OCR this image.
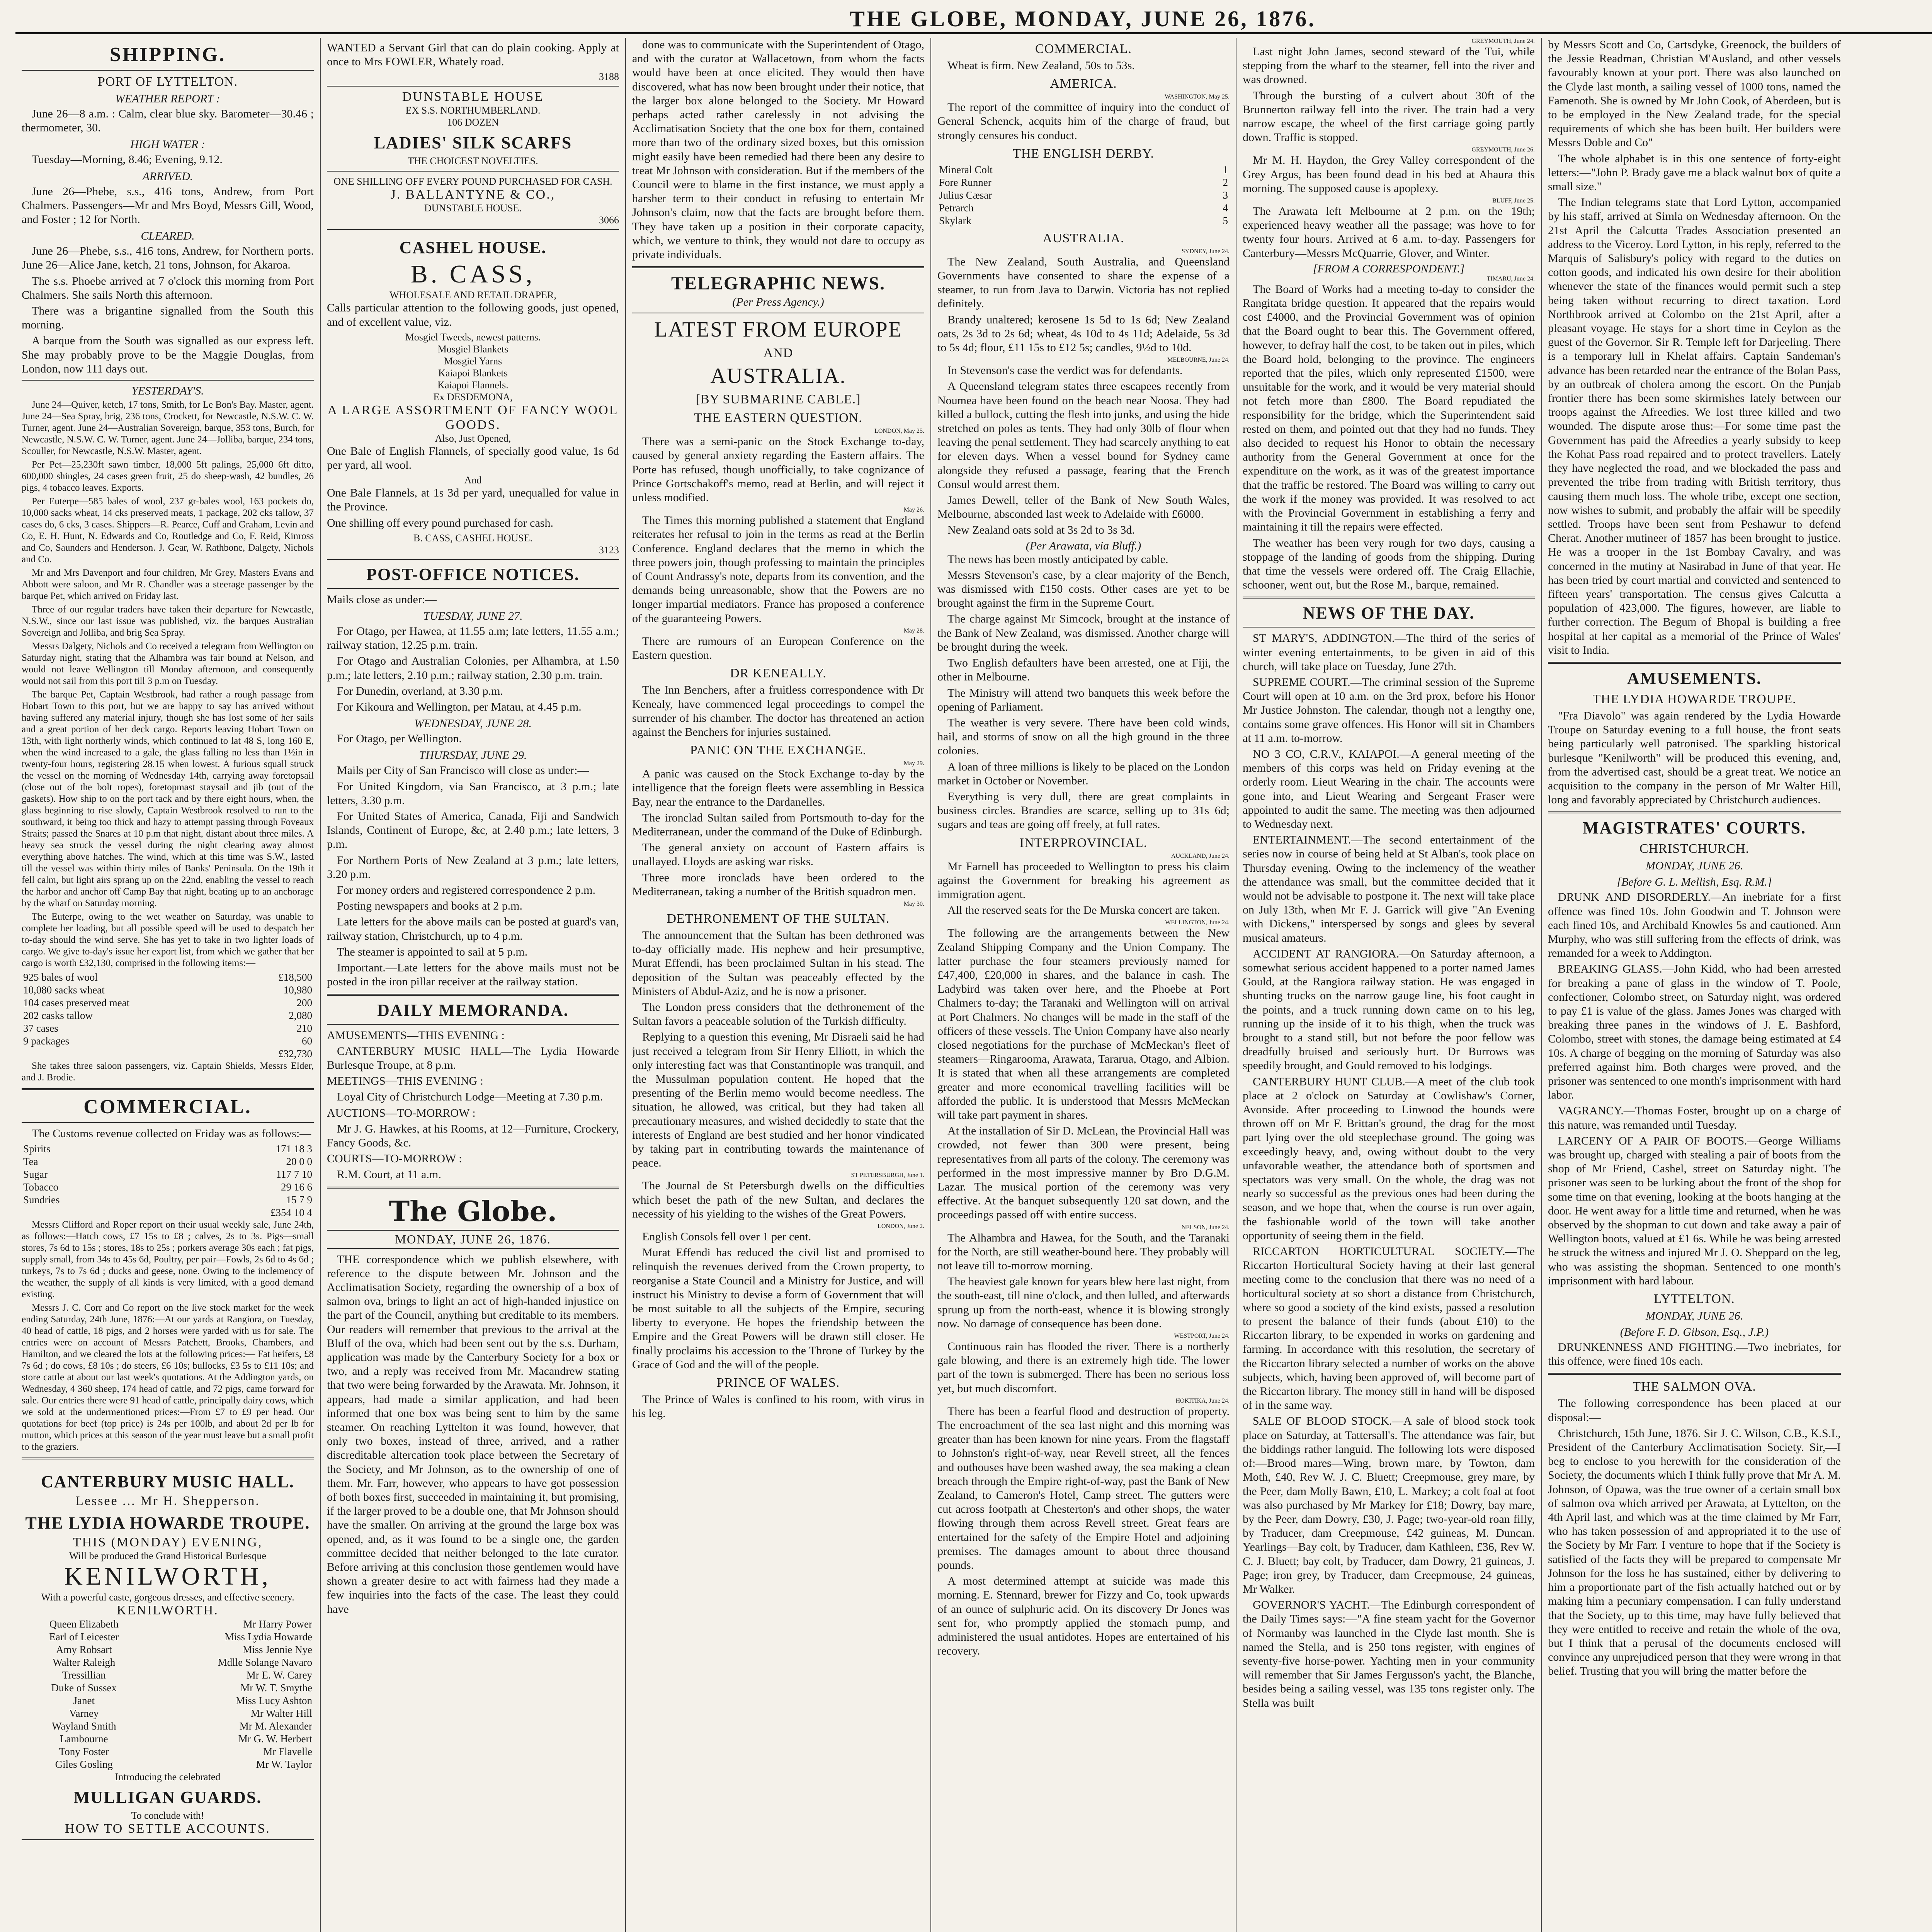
THE GLOBE, MONDAY, JUNE 26, 1876.
SHIPPING.
PORT OF LYTTELTON.
WEATHER REPORT :

June 26—8 a.m. : Calm, clear blue sky. Barometer—30.46 ; thermometer, 30.

HIGH WATER :

Tuesday—Morning, 8.46; Evening, 9.12.

ARRIVED.

June 26—Phebe, s.s., 416 tons, Andrew, from Port Chalmers. Passengers—Mr and Mrs Boyd, Messrs Gill, Wood, and Foster ; 12 for North.

CLEARED.

June 26—Phebe, s.s., 416 tons, Andrew, for Northern ports. June 26—Alice Jane, ketch, 21 tons, Johnson, for Akaroa.

The s.s. Phoebe arrived at 7 o'clock this morning from Port Chalmers. She sails North this afternoon.

There was a brigantine signalled from the South this morning.

A barque from the South was signalled as our express left. She may probably prove to be the Maggie Douglas, from London, now 111 days out.

YESTERDAY'S.

June 24—Quiver, ketch, 17 tons, Smith, for Le Bon's Bay. Master, agent. June 24—Sea Spray, brig, 236 tons, Crockett, for Newcastle, N.S.W. C. W. Turner, agent. June 24—Australian Sovereign, barque, 353 tons, Burch, for Newcastle, N.S.W. C. W. Turner, agent. June 24—Jolliba, barque, 234 tons, Scouller, for Newcastle, N.S.W. Master, agent.

Per Pet—25,230ft sawn timber, 18,000 5ft palings, 25,000 6ft ditto, 600,000 shingles, 24 cases green fruit, 25 do sheep-wash, 42 bundles, 26 pigs, 4 tobacco leaves. Exports.

Per Euterpe—585 bales of wool, 237 gr-bales wool, 163 pockets do, 10,000 sacks wheat, 14 cks preserved meats, 1 package, 202 cks tallow, 37 cases do, 6 cks, 3 cases. Shippers—R. Pearce, Cuff and Graham, Levin and Co, E. H. Hunt, N. Edwards and Co, Routledge and Co, F. Reid, Kinross and Co, Saunders and Henderson. J. Gear, W. Rathbone, Dalgety, Nichols and Co.

Mr and Mrs Davenport and four children, Mr Grey, Masters Evans and Abbott were saloon, and Mr R. Chandler was a steerage passenger by the barque Pet, which arrived on Friday last.

Three of our regular traders have taken their departure for Newcastle, N.S.W., since our last issue was published, viz. the barques Australian Sovereign and Jolliba, and brig Sea Spray.

Messrs Dalgety, Nichols and Co received a telegram from Wellington on Saturday night, stating that the Alhambra was fair bound at Nelson, and would not leave Wellington till Monday afternoon, and consequently would not sail from this port till 3 p.m on Tuesday.

The barque Pet, Captain Westbrook, had rather a rough passage from Hobart Town to this port, but we are happy to say has arrived without having suffered any material injury, though she has lost some of her sails and a great portion of her deck cargo. Reports leaving Hobart Town on 13th, with light northerly winds, which continued to lat 48 S, long 160 E, when the wind increased to a gale, the glass falling no less than 1½in in twenty-four hours, registering 28.15 when lowest. A furious squall struck the vessel on the morning of Wednesday 14th, carrying away foretopsail (close out of the bolt ropes), foretopmast staysail and jib (out of the gaskets). How ship to on the port tack and by there eight hours, when, the glass beginning to rise slowly, Captain Westbrook resolved to run to the southward, it being too thick and hazy to attempt passing through Foveaux Straits; passed the Snares at 10 p.m that night, distant about three miles. A heavy sea struck the vessel during the night clearing away almost everything above hatches. The wind, which at this time was S.W., lasted till the vessel was within thirty miles of Banks' Peninsula. On the 19th it fell calm, but light airs sprang up on the 22nd, enabling the vessel to reach the harbor and anchor off Camp Bay that night, beating up to an anchorage by the wharf on Saturday morning.

The Euterpe, owing to the wet weather on Saturday, was unable to complete her loading, but all possible speed will be used to despatch her to-day should the wind serve. She has yet to take in two lighter loads of cargo. We give to-day's issue her export list, from which we gather that her cargo is worth £32,130, comprised in the following items:—

925 bales of wool	£18,500
10,080 sacks wheat	10,980
104 cases preserved meat	200
202 casks tallow	2,080
37 cases	210
9 packages	60
	£32,730

She takes three saloon passengers, viz. Captain Shields, Messrs Elder, and J. Brodie.

COMMERCIAL.

The Customs revenue collected on Friday was as follows:—

Spirits	171 18 3
Tea	20 0 0
Sugar	117 7 10
Tobacco	29 16 6
Sundries	15 7 9
	£354 10 4

Messrs Clifford and Roper report on their usual weekly sale, June 24th, as follows:—Hatch cows, £7 15s to £8 ; calves, 2s to 3s. Pigs—small stores, 7s 6d to 15s ; stores, 18s to 25s ; porkers average 30s each ; fat pigs, supply small, from 34s to 45s 6d, Poultry, per pair—Fowls, 2s 6d to 4s 6d ; turkeys, 7s to 7s 6d ; ducks and geese, none. Owing to the inclemency of the weather, the supply of all kinds is very limited, with a good demand existing.

Messrs J. C. Corr and Co report on the live stock market for the week ending Saturday, 24th June, 1876:—At our yards at Rangiora, on Tuesday, 40 head of cattle, 18 pigs, and 2 horses were yarded with us for sale. The entries were on account of Messrs Patchett, Brooks, Chambers, and Hamilton, and we cleared the lots at the following prices:— Fat heifers, £8 7s 6d ; do cows, £8 10s ; do steers, £6 10s; bullocks, £3 5s to £11 10s; and store cattle at about our last week's quotations. At the Addington yards, on Wednesday, 4 360 sheep, 174 head of cattle, and 72 pigs, came forward for sale. Our entries there were 91 head of cattle, principally dairy cows, which we sold at the undermentioned prices:—From £7 to £9 per head. Our quotations for beef (top price) is 24s per 100lb, and about 2d per lb for mutton, which prices at this season of the year must leave but a small profit to the graziers.

CANTERBURY MUSIC HALL.
Lessee ... Mr H. Shepperson.
THE LYDIA HOWARDE TROUPE.
THIS (MONDAY) EVENING,
Will be produced the Grand Historical Burlesque
KENILWORTH,
With a powerful caste, gorgeous dresses, and effective scenery.
KENILWORTH.
Queen Elizabeth	Mr Harry Power
Earl of Leicester	Miss Lydia Howarde
Amy Robsart	Miss Jennie Nye
Walter Raleigh	Mdlle Solange Navaro
Tressillian	Mr E. W. Carey
Duke of Sussex	Mr W. T. Smythe
Janet	Miss Lucy Ashton
Varney	Mr Walter Hill
Wayland Smith	Mr M. Alexander
Lambourne	Mr G. W. Herbert
Tony Foster	Mr Flavelle
Giles Gosling	Mr W. Taylor
Introducing the celebrated
MULLIGAN GUARDS.
To conclude with!
HOW TO SETTLE ACCOUNTS.

WANTED a Servant Girl that can do plain cooking. Apply at once to Mrs FOWLER, Whately road.

3188
DUNSTABLE HOUSE
EX S.S. NORTHUMBERLAND.
106 DOZEN
LADIES' SILK SCARFS
THE CHOICEST NOVELTIES.
ONE SHILLING OFF EVERY POUND PURCHASED FOR CASH.
J. BALLANTYNE & CO.,
DUNSTABLE HOUSE.
3066
CASHEL HOUSE.
B. CASS,
WHOLESALE AND RETAIL DRAPER,

Calls particular attention to the following goods, just opened, and of excellent value, viz.

Mosgiel Tweeds, newest patterns.
Mosgiel Blankets
Mosgiel Yarns
Kaiapoi Blankets
Kaiapoi Flannels.
Ex DESDEMONA,
A LARGE ASSORTMENT OF FANCY WOOL GOODS.
Also, Just Opened,

One Bale of English Flannels, of specially good value, 1s 6d per yard, all wool.

And

One Bale Flannels, at 1s 3d per yard, unequalled for value in the Province.

One shilling off every pound purchased for cash.

B. CASS, CASHEL HOUSE.
3123
POST-OFFICE NOTICES.

Mails close as under:—

TUESDAY, JUNE 27.

For Otago, per Hawea, at 11.55 a.m; late letters, 11.55 a.m.; railway station, 12.25 p.m. train.

For Otago and Australian Colonies, per Alhambra, at 1.50 p.m.; late letters, 2.10 p.m.; railway station, 2.30 p.m. train.

For Dunedin, overland, at 3.30 p.m.

For Kikoura and Wellington, per Matau, at 4.45 p.m.

WEDNESDAY, JUNE 28.

For Otago, per Wellington.

THURSDAY, JUNE 29.

Mails per City of San Francisco will close as under:—

For United Kingdom, via San Francisco, at 3 p.m.; late letters, 3.30 p.m.

For United States of America, Canada, Fiji and Sandwich Islands, Continent of Europe, &c, at 2.40 p.m.; late letters, 3 p.m.

For Northern Ports of New Zealand at 3 p.m.; late letters, 3.20 p.m.

For money orders and registered correspondence 2 p.m.

Posting newspapers and books at 2 p.m.

Late letters for the above mails can be posted at guard's van, railway station, Christchurch, up to 4 p.m.

The steamer is appointed to sail at 5 p.m.

Important.—Late letters for the above mails must not be posted in the iron pillar receiver at the railway station.

DAILY MEMORANDA.

AMUSEMENTS—THIS EVENING :

CANTERBURY MUSIC HALL—The Lydia Howarde Burlesque Troupe, at 8 p.m.

MEETINGS—THIS EVENING :

Loyal City of Christchurch Lodge—Meeting at 7.30 p.m.

AUCTIONS—TO-MORROW :

Mr J. G. Hawkes, at his Rooms, at 12—Furniture, Crockery, Fancy Goods, &c.

COURTS—TO-MORROW :

R.M. Court, at 11 a.m.

The Globe.
MONDAY, JUNE 26, 1876.

THE correspondence which we publish elsewhere, with reference to the dispute between Mr. Johnson and the Acclimatisation Society, regarding the ownership of a box of salmon ova, brings to light an act of high-handed injustice on the part of the Council, anything but creditable to its members. Our readers will remember that previous to the arrival at the Bluff of the ova, which had been sent out by the s.s. Durham, application was made by the Canterbury Society for a box or two, and a reply was received from Mr. Macandrew stating that two were being forwarded by the Arawata. Mr. Johnson, it appears, had made a similar application, and had been informed that one box was being sent to him by the same steamer. On reaching Lyttelton it was found, however, that only two boxes, instead of three, arrived, and a rather discreditable altercation took place between the Secretary of the Society, and Mr Johnson, as to the ownership of one of them. Mr. Farr, however, who appears to have got possession of both boxes first, succeeded in maintaining it, but promising, if the larger proved to be a double one, that Mr Johnson should have the smaller. On arriving at the ground the large box was opened, and, as it was found to be a single one, the garden committee decided that neither belonged to the late curator. Before arriving at this conclusion those gentlemen would have shown a greater desire to act with fairness had they made a few inquiries into the facts of the case. The least they could have

done was to communicate with the Superintendent of Otago, and with the curator at Wallacetown, from whom the facts would have been at once elicited. They would then have discovered, what has now been brought under their notice, that the larger box alone belonged to the Society. Mr Howard perhaps acted rather carelessly in not advising the Acclimatisation Society that the one box for them, contained more than two of the ordinary sized boxes, but this omission might easily have been remedied had there been any desire to treat Mr Johnson with consideration. But if the members of the Council were to blame in the first instance, we must apply a harsher term to their conduct in refusing to entertain Mr Johnson's claim, now that the facts are brought before them. They have taken up a position in their corporate capacity, which, we venture to think, they would not dare to occupy as private individuals.

TELEGRAPHIC NEWS.
(Per Press Agency.)
LATEST FROM EUROPE
AND
AUSTRALIA.
[BY SUBMARINE CABLE.]
THE EASTERN QUESTION.
LONDON, May 25.

There was a semi-panic on the Stock Exchange to-day, caused by general anxiety regarding the Eastern affairs. The Porte has refused, though unofficially, to take cognizance of Prince Gortschakoff's memo, read at Berlin, and will reject it unless modified.

May 26.

The Times this morning published a statement that England reiterates her refusal to join in the terms as read at the Berlin Conference. England declares that the memo in which the three powers join, though professing to maintain the principles of Count Andrassy's note, departs from its convention, and the demands being unreasonable, show that the Powers are no longer impartial mediators. France has proposed a conference of the guaranteeing Powers.

May 28.

There are rumours of an European Conference on the Eastern question.

DR KENEALLY.

The Inn Benchers, after a fruitless correspondence with Dr Kenealy, have commenced legal proceedings to compel the surrender of his chamber. The doctor has threatened an action against the Benchers for injuries sustained.

PANIC ON THE EXCHANGE.
May 29.

A panic was caused on the Stock Exchange to-day by the intelligence that the foreign fleets were assembling in Bessica Bay, near the entrance to the Dardanelles.

The ironclad Sultan sailed from Portsmouth to-day for the Mediterranean, under the command of the Duke of Edinburgh.

The general anxiety on account of Eastern affairs is unallayed. Lloyds are asking war risks.

Three more ironclads have been ordered to the Mediterranean, taking a number of the British squadron men.

May 30.
DETHRONEMENT OF THE SULTAN.

The announcement that the Sultan has been dethroned was to-day officially made. His nephew and heir presumptive, Murat Effendi, has been proclaimed Sultan in his stead. The deposition of the Sultan was peaceably effected by the Ministers of Abdul-Aziz, and he is now a prisoner.

The London press considers that the dethronement of the Sultan favors a peaceable solution of the Turkish difficulty.

Replying to a question this evening, Mr Disraeli said he had just received a telegram from Sir Henry Elliott, in which the only interesting fact was that Constantinople was tranquil, and the Mussulman population content. He hoped that the presenting of the Berlin memo would become needless. The situation, he allowed, was critical, but they had taken all precautionary measures, and wished decidedly to state that the interests of England are best studied and her honor vindicated by taking part in contributing towards the maintenance of peace.

ST PETERSBURGH, June 1.

The Journal de St Petersburgh dwells on the difficulties which beset the path of the new Sultan, and declares the necessity of his yielding to the wishes of the Great Powers.

LONDON, June 2.

English Consols fell over 1 per cent.

Murat Effendi has reduced the civil list and promised to relinquish the revenues derived from the Crown property, to reorganise a State Council and a Ministry for Justice, and will instruct his Ministry to devise a form of Government that will be most suitable to all the subjects of the Empire, securing liberty to everyone. He hopes the friendship between the Empire and the Great Powers will be drawn still closer. He finally proclaims his accession to the Throne of Turkey by the Grace of God and the will of the people.

PRINCE OF WALES.

The Prince of Wales is confined to his room, with virus in his leg.

COMMERCIAL.

Wheat is firm. New Zealand, 50s to 53s.

AMERICA.
WASHINGTON, May 25.

The report of the committee of inquiry into the conduct of General Schenck, acquits him of the charge of fraud, but strongly censures his conduct.

THE ENGLISH DERBY.
Mineral Colt	1
Fore Runner	2
Julius Cæsar	3
Petrarch	4
Skylark	5
AUSTRALIA.
SYDNEY, June 24.

The New Zealand, South Australia, and Queensland Governments have consented to share the expense of a steamer, to run from Java to Darwin. Victoria has not replied definitely.

Brandy unaltered; kerosene 1s 5d to 1s 6d; New Zealand oats, 2s 3d to 2s 6d; wheat, 4s 10d to 4s 11d; Adelaide, 5s 3d to 5s 4d; flour, £11 15s to £12 5s; candles, 9½d to 10d.

MELBOURNE, June 24.

In Stevenson's case the verdict was for defendants.

A Queensland telegram states three escapees recently from Noumea have been found on the beach near Noosa. They had killed a bullock, cutting the flesh into junks, and using the hide stretched on poles as tents. They had only 30lb of flour when leaving the penal settlement. They had scarcely anything to eat for eleven days. When a vessel bound for Sydney came alongside they refused a passage, fearing that the French Consul would arrest them.

James Dewell, teller of the Bank of New South Wales, Melbourne, absconded last week to Adelaide with £6000.

New Zealand oats sold at 3s 2d to 3s 3d.

(Per Arawata, via Bluff.)

The news has been mostly anticipated by cable.

Messrs Stevenson's case, by a clear majority of the Bench, was dismissed with £150 costs. Other cases are yet to be brought against the firm in the Supreme Court.

The charge against Mr Simcock, brought at the instance of the Bank of New Zealand, was dismissed. Another charge will be brought during the week.

Two English defaulters have been arrested, one at Fiji, the other in Melbourne.

The Ministry will attend two banquets this week before the opening of Parliament.

The weather is very severe. There have been cold winds, hail, and storms of snow on all the high ground in the three colonies.

A loan of three millions is likely to be placed on the London market in October or November.

Everything is very dull, there are great complaints in business circles. Brandies are scarce, selling up to 31s 6d; sugars and teas are going off freely, at full rates.

INTERPROVINCIAL.
AUCKLAND, June 24.

Mr Farnell has proceeded to Wellington to press his claim against the Government for breaking his agreement as immigration agent.

All the reserved seats for the De Murska concert are taken.

WELLINGTON, June 24.

The following are the arrangements between the New Zealand Shipping Company and the Union Company. The latter purchase the four steamers previously named for £47,400, £20,000 in shares, and the balance in cash. The Ladybird was taken over here, and the Phoebe at Port Chalmers to-day; the Taranaki and Wellington will on arrival at Port Chalmers. No changes will be made in the staff of the officers of these vessels. The Union Company have also nearly closed negotiations for the purchase of McMeckan's fleet of steamers—Ringarooma, Arawata, Tararua, Otago, and Albion. It is stated that when all these arrangements are completed greater and more economical travelling facilities will be afforded the public. It is understood that Messrs McMeckan will take part payment in shares.

At the installation of Sir D. McLean, the Provincial Hall was crowded, not fewer than 300 were present, being representatives from all parts of the colony. The ceremony was performed in the most impressive manner by Bro D.G.M. Lazar. The musical portion of the ceremony was very effective. At the banquet subsequently 120 sat down, and the proceedings passed off with entire success.

NELSON, June 24.

The Alhambra and Hawea, for the South, and the Taranaki for the North, are still weather-bound here. They probably will not leave till to-morrow morning.

The heaviest gale known for years blew here last night, from the south-east, till nine o'clock, and then lulled, and afterwards sprung up from the north-east, whence it is blowing strongly now. No damage of consequence has been done.

WESTPORT, June 24.

Continuous rain has flooded the river. There is a northerly gale blowing, and there is an extremely high tide. The lower part of the town is submerged. There has been no serious loss yet, but much discomfort.

HOKITIKA, June 24.

There has been a fearful flood and destruction of property. The encroachment of the sea last night and this morning was greater than has been known for nine years. From the flagstaff to Johnston's right-of-way, near Revell street, all the fences and outhouses have been washed away, the sea making a clean breach through the Empire right-of-way, past the Bank of New Zealand, to Cameron's Hotel, Camp street. The gutters were cut across footpath at Chesterton's and other shops, the water flowing through them across Revell street. Great fears are entertained for the safety of the Empire Hotel and adjoining premises. The damages amount to about three thousand pounds.

A most determined attempt at suicide was made this morning. E. Stennard, brewer for Fizzy and Co, took upwards of an ounce of sulphuric acid. On its discovery Dr Jones was sent for, who promptly applied the stomach pump, and administered the usual antidotes. Hopes are entertained of his recovery.

GREYMOUTH, June 24.

Last night John James, second steward of the Tui, while stepping from the wharf to the steamer, fell into the river and was drowned.

Through the bursting of a culvert about 30ft of the Brunnerton railway fell into the river. The train had a very narrow escape, the wheel of the first carriage going partly down. Traffic is stopped.

GREYMOUTH, June 26.

Mr M. H. Haydon, the Grey Valley correspondent of the Grey Argus, has been found dead in his bed at Ahaura this morning. The supposed cause is apoplexy.

BLUFF, June 25.

The Arawata left Melbourne at 2 p.m. on the 19th; experienced heavy weather all the passage; was hove to for twenty four hours. Arrived at 6 a.m. to-day. Passengers for Canterbury—Messrs McQuarrie, Glover, and Winter.

[FROM A CORRESPONDENT.]
TIMARU, June 24.

The Board of Works had a meeting to-day to consider the Rangitata bridge question. It appeared that the repairs would cost £4000, and the Provincial Government was of opinion that the Board ought to bear this. The Government offered, however, to defray half the cost, to be taken out in piles, which the Board hold, belonging to the province. The engineers reported that the piles, which only represented £1500, were unsuitable for the work, and it would be very material should not fetch more than £800. The Board repudiated the responsibility for the bridge, which the Superintendent said rested on them, and pointed out that they had no funds. They also decided to request his Honor to obtain the necessary authority from the General Government at once for the expenditure on the work, as it was of the greatest importance that the traffic be restored. The Board was willing to carry out the work if the money was provided. It was resolved to act with the Provincial Government in establishing a ferry and maintaining it till the repairs were effected.

The weather has been very rough for two days, causing a stoppage of the landing of goods from the shipping. During that time the vessels were ordered off. The Craig Ellachie, schooner, went out, but the Rose M., barque, remained.

NEWS OF THE DAY.

ST MARY'S, ADDINGTON.—The third of the series of winter evening entertainments, to be given in aid of this church, will take place on Tuesday, June 27th.

SUPREME COURT.—The criminal session of the Supreme Court will open at 10 a.m. on the 3rd prox, before his Honor Mr Justice Johnston. The calendar, though not a lengthy one, contains some grave offences. His Honor will sit in Chambers at 11 a.m. to-morrow.

NO 3 CO, C.R.V., KAIAPOI.—A general meeting of the members of this corps was held on Friday evening at the orderly room. Lieut Wearing in the chair. The accounts were gone into, and Lieut Wearing and Sergeant Fraser were appointed to audit the same. The meeting was then adjourned to Wednesday next.

ENTERTAINMENT.—The second entertainment of the series now in course of being held at St Alban's, took place on Thursday evening. Owing to the inclemency of the weather the attendance was small, but the committee decided that it would not be advisable to postpone it. The next will take place on July 13th, when Mr F. J. Garrick will give "An Evening with Dickens," interspersed by songs and glees by several musical amateurs.

ACCIDENT AT RANGIORA.—On Saturday afternoon, a somewhat serious accident happened to a porter named James Gould, at the Rangiora railway station. He was engaged in shunting trucks on the narrow gauge line, his foot caught in the points, and a truck running down came on to his leg, running up the inside of it to his thigh, when the truck was brought to a stand still, but not before the poor fellow was dreadfully bruised and seriously hurt. Dr Burrows was speedily brought, and Gould removed to his lodgings.

CANTERBURY HUNT CLUB.—A meet of the club took place at 2 o'clock on Saturday at Cowlishaw's Corner, Avonside. After proceeding to Linwood the hounds were thrown off on Mr F. Brittan's ground, the drag for the most part lying over the old steeplechase ground. The going was exceedingly heavy, and, owing without doubt to the very unfavorable weather, the attendance both of sportsmen and spectators was very small. On the whole, the drag was not nearly so successful as the previous ones had been during the season, and we hope that, when the course is run over again, the fashionable world of the town will take another opportunity of seeing them in the field.

RICCARTON HORTICULTURAL SOCIETY.—The Riccarton Horticultural Society having at their last general meeting come to the conclusion that there was no need of a horticultural society at so short a distance from Christchurch, where so good a society of the kind exists, passed a resolution to present the balance of their funds (about £10) to the Riccarton library, to be expended in works on gardening and farming. In accordance with this resolution, the secretary of the Riccarton library selected a number of works on the above subjects, which, having been approved of, will become part of the Riccarton library. The money still in hand will be disposed of in the same way.

SALE OF BLOOD STOCK.—A sale of blood stock took place on Saturday, at Tattersall's. The attendance was fair, but the biddings rather languid. The following lots were disposed of:—Brood mares—Wing, brown mare, by Towton, dam Moth, £40, Rev W. J. C. Bluett; Creepmouse, grey mare, by the Peer, dam Molly Bawn, £10, L. Markey; a colt foal at foot was also purchased by Mr Markey for £18; Dowry, bay mare, by the Peer, dam Dowry, £30, J. Page; two-year-old roan filly, by Traducer, dam Creepmouse, £42 guineas, M. Duncan. Yearlings—Bay colt, by Traducer, dam Kathleen, £36, Rev W. C. J. Bluett; bay colt, by Traducer, dam Dowry, 21 guineas, J. Page; iron grey, by Traducer, dam Creepmouse, 24 guineas, Mr Walker.

GOVERNOR'S YACHT.—The Edinburgh correspondent of the Daily Times says:—"A fine steam yacht for the Governor of Normanby was launched in the Clyde last month. She is named the Stella, and is 250 tons register, with engines of seventy-five horse-power. Yachting men in your community will remember that Sir James Fergusson's yacht, the Blanche, besides being a sailing vessel, was 135 tons register only. The Stella was built

by Messrs Scott and Co, Cartsdyke, Greenock, the builders of the Jessie Readman, Christian M'Ausland, and other vessels favourably known at your port. There was also launched on the Clyde last month, a sailing vessel of 1000 tons, named the Famenoth. She is owned by Mr John Cook, of Aberdeen, but is to be employed in the New Zealand trade, for the special requirements of which she has been built. Her builders were Messrs Doble and Co"

The whole alphabet is in this one sentence of forty-eight letters:—"John P. Brady gave me a black walnut box of quite a small size."

The Indian telegrams state that Lord Lytton, accompanied by his staff, arrived at Simla on Wednesday afternoon. On the 21st April the Calcutta Trades Association presented an address to the Viceroy. Lord Lytton, in his reply, referred to the Marquis of Salisbury's policy with regard to the duties on cotton goods, and indicated his own desire for their abolition whenever the state of the finances would permit such a step being taken without recurring to direct taxation. Lord Northbrook arrived at Colombo on the 21st April, after a pleasant voyage. He stays for a short time in Ceylon as the guest of the Governor. Sir R. Temple left for Darjeeling. There is a temporary lull in Khelat affairs. Captain Sandeman's advance has been retarded near the entrance of the Bolan Pass, by an outbreak of cholera among the escort. On the Punjab frontier there has been some skirmishes lately between our troops against the Afreedies. We lost three killed and two wounded. The dispute arose thus:—For some time past the Government has paid the Afreedies a yearly subsidy to keep the Kohat Pass road repaired and to protect travellers. Lately they have neglected the road, and we blockaded the pass and prevented the tribe from trading with British territory, thus causing them much loss. The whole tribe, except one section, now wishes to submit, and probably the affair will be speedily settled. Troops have been sent from Peshawur to defend Cherat. Another mutineer of 1857 has been brought to justice. He was a trooper in the 1st Bombay Cavalry, and was concerned in the mutiny at Nasirabad in June of that year. He has been tried by court martial and convicted and sentenced to fifteen years' transportation. The census gives Calcutta a population of 423,000. The figures, however, are liable to further correction. The Begum of Bhopal is building a free hospital at her capital as a memorial of the Prince of Wales' visit to India.

AMUSEMENTS.
THE LYDIA HOWARDE TROUPE.

"Fra Diavolo" was again rendered by the Lydia Howarde Troupe on Saturday evening to a full house, the front seats being particularly well patronised. The sparkling historical burlesque "Kenilworth" will be produced this evening, and, from the advertised cast, should be a great treat. We notice an acquisition to the company in the person of Mr Walter Hill, long and favorably appreciated by Christchurch audiences.

MAGISTRATES' COURTS.
CHRISTCHURCH.
MONDAY, JUNE 26.
[Before G. L. Mellish, Esq. R.M.]

DRUNK AND DISORDERLY.—An inebriate for a first offence was fined 10s. John Goodwin and T. Johnson were each fined 10s, and Archibald Knowles 5s and cautioned. Ann Murphy, who was still suffering from the effects of drink, was remanded for a week to Addington.

BREAKING GLASS.—John Kidd, who had been arrested for breaking a pane of glass in the window of T. Poole, confectioner, Colombo street, on Saturday night, was ordered to pay £1 is value of the glass. James Jones was charged with breaking three panes in the windows of J. E. Bashford, Colombo, street with stones, the damage being estimated at £4 10s. A charge of begging on the morning of Saturday was also preferred against him. Both charges were proved, and the prisoner was sentenced to one month's imprisonment with hard labor.

VAGRANCY.—Thomas Foster, brought up on a charge of this nature, was remanded until Tuesday.

LARCENY OF A PAIR OF BOOTS.—George Williams was brought up, charged with stealing a pair of boots from the shop of Mr Friend, Cashel, street on Saturday night. The prisoner was seen to be lurking about the front of the shop for some time on that evening, looking at the boots hanging at the door. He went away for a little time and returned, when he was observed by the shopman to cut down and take away a pair of Wellington boots, valued at £1 6s. While he was being arrested he struck the witness and injured Mr J. O. Sheppard on the leg, who was assisting the shopman. Sentenced to one month's imprisonment with hard labour.

LYTTELTON.
MONDAY, JUNE 26.
(Before F. D. Gibson, Esq., J.P.)

DRUNKENNESS AND FIGHTING.—Two inebriates, for this offence, were fined 10s each.

THE SALMON OVA.

The following correspondence has been placed at our disposal:—

Christchurch, 15th June, 1876. Sir J. C. Wilson, C.B., K.S.I., President of the Canterbury Acclimatisation Society. Sir,—I beg to enclose to you herewith for the consideration of the Society, the documents which I think fully prove that Mr A. M. Johnson, of Opawa, was the true owner of a certain small box of salmon ova which arrived per Arawata, at Lyttelton, on the 4th April last, and which was at the time claimed by Mr Farr, who has taken possession of and appropriated it to the use of the Society by Mr Farr. I venture to hope that if the Society is satisfied of the facts they will be prepared to compensate Mr Johnson for the loss he has sustained, either by delivering to him a proportionate part of the fish actually hatched out or by making him a pecuniary compensation. I can fully understand that the Society, up to this time, may have fully believed that they were entitled to receive and retain the whole of the ova, but I think that a perusal of the documents enclosed will convince any unprejudiced person that they were wrong in that belief. Trusting that you will bring the matter before the
